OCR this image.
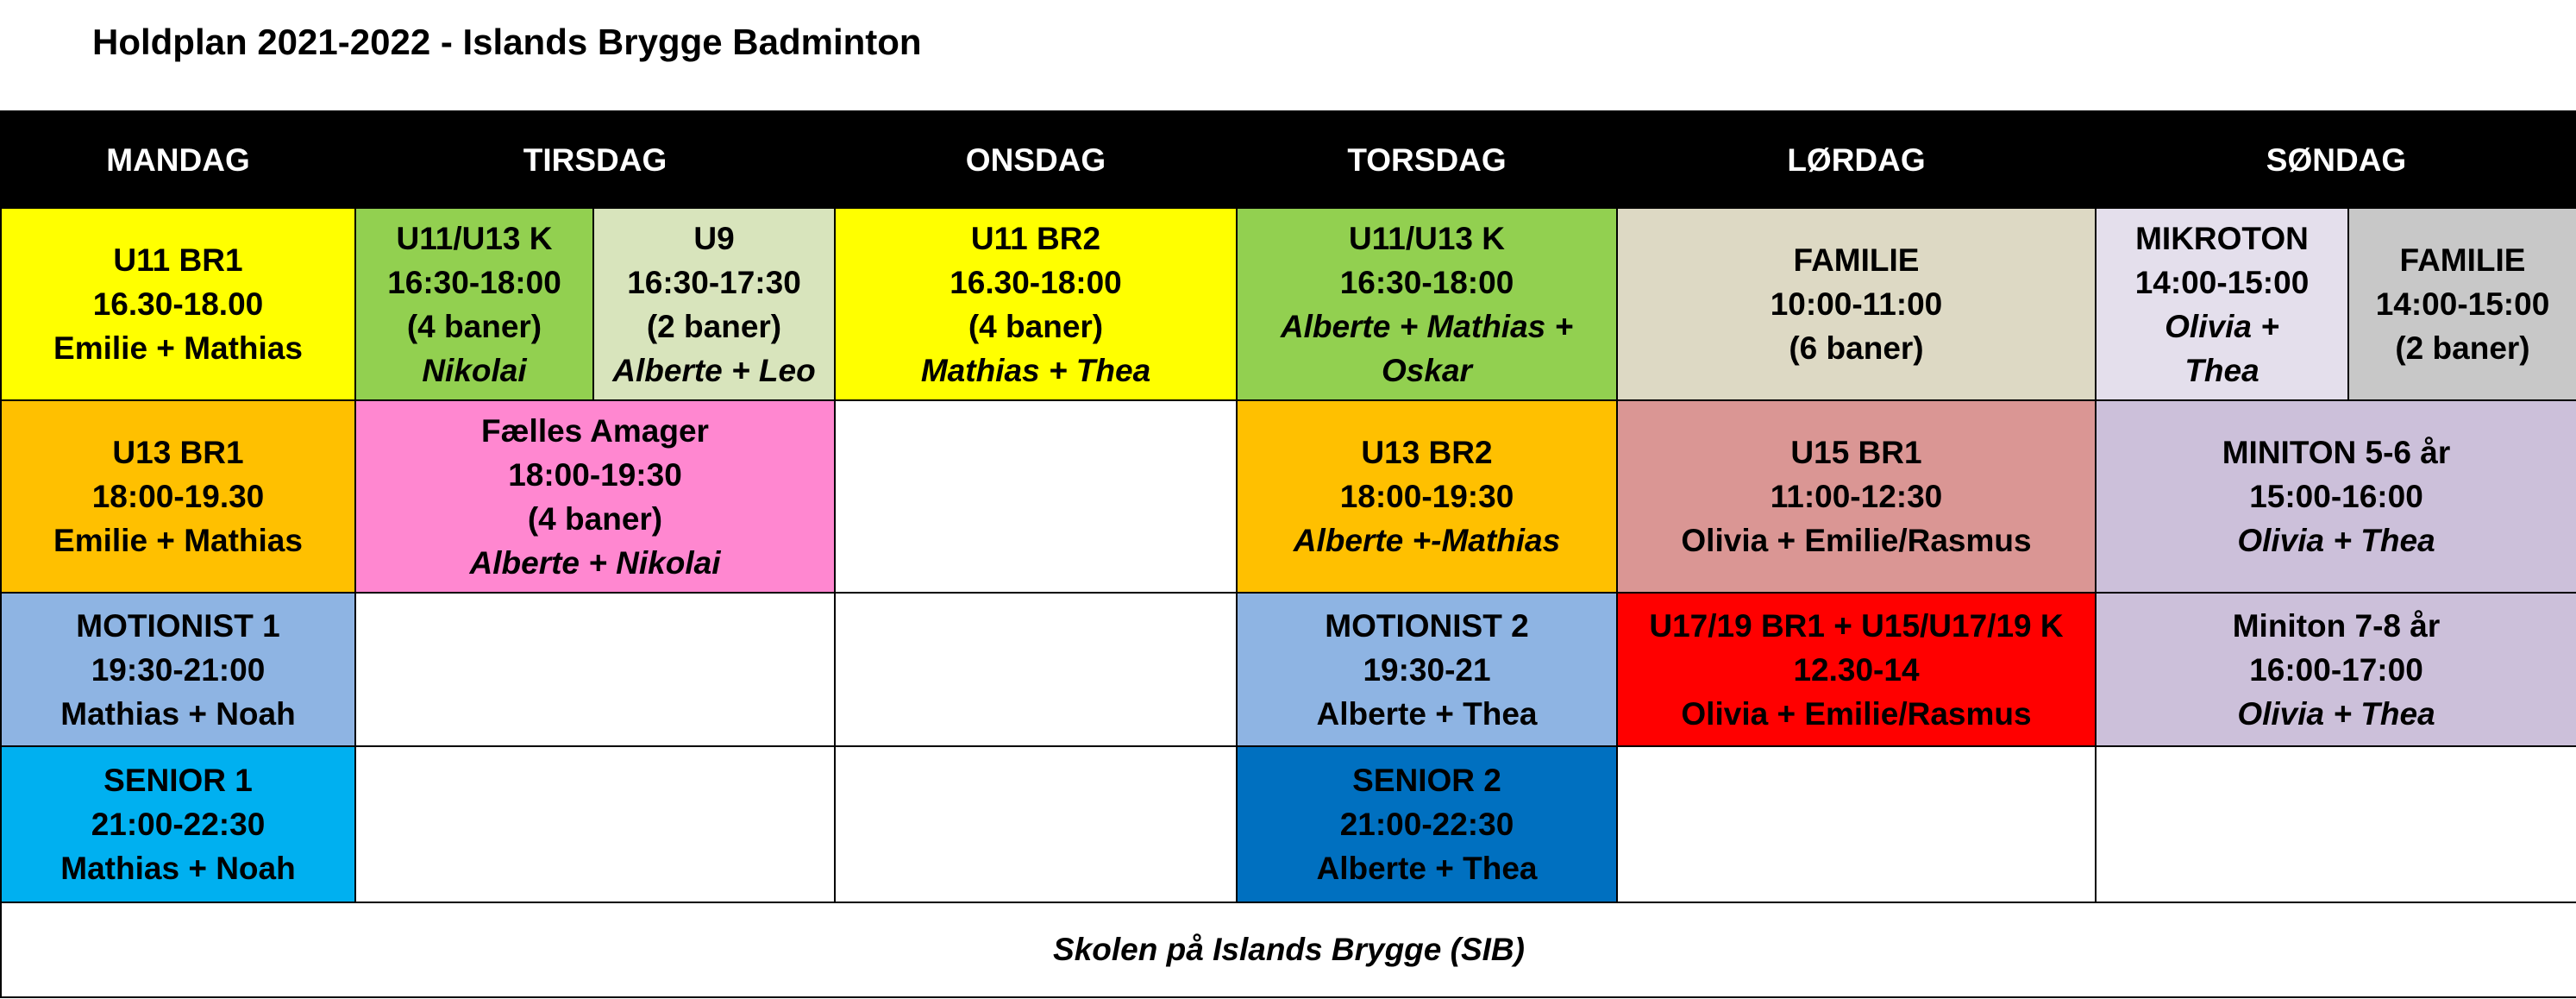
Holdplan 2021-2022 - Islands Brygge Badminton
MANDAG	TIRSDAG		ONSDAG	TORSDAG	LØRDAG	SØNDAG	

U11 BR1
16.30-18.00
Emilie + Mathias	U11/U13 K
16:30-18:00
(4 baner)
Nikolai	U9
16:30-17:30
(2 baner)
Alberte + Leo	U11 BR2
16.30-18:00
(4 baner)
Mathias + Thea	U11/U13 K
16:30-18:00
Alberte + Mathias +
Oskar	FAMILIE
10:00-11:00
(6 baner)	MIKROTON
14:00-15:00
Olivia +
Thea	FAMILIE
14:00-15:00
(2 baner)

U13 BR1
18:00-19.30
Emilie + Mathias	Fælles Amager
18:00-19:30
(4 baner)
Alberte + Nikolai			U13 BR2
18:00-19:30
Alberte +-Mathias	U15 BR1
11:00-12:30
Olivia + Emilie/Rasmus	MINITON 5-6 år
15:00-16:00
Olivia + Thea	

MOTIONIST 1
19:30-21:00
Mathias + Noah				MOTIONIST 2
19:30-21
Alberte + Thea	U17/19 BR1 + U15/U17/19 K
12.30-14
Olivia + Emilie/Rasmus	Miniton 7-8 år
16:00-17:00
Olivia + Thea	

SENIOR 1
21:00-22:30
Mathias + Noah				SENIOR 2
21:00-22:30
Alberte + Thea			

Skolen på Islands Brygge (SIB)							
